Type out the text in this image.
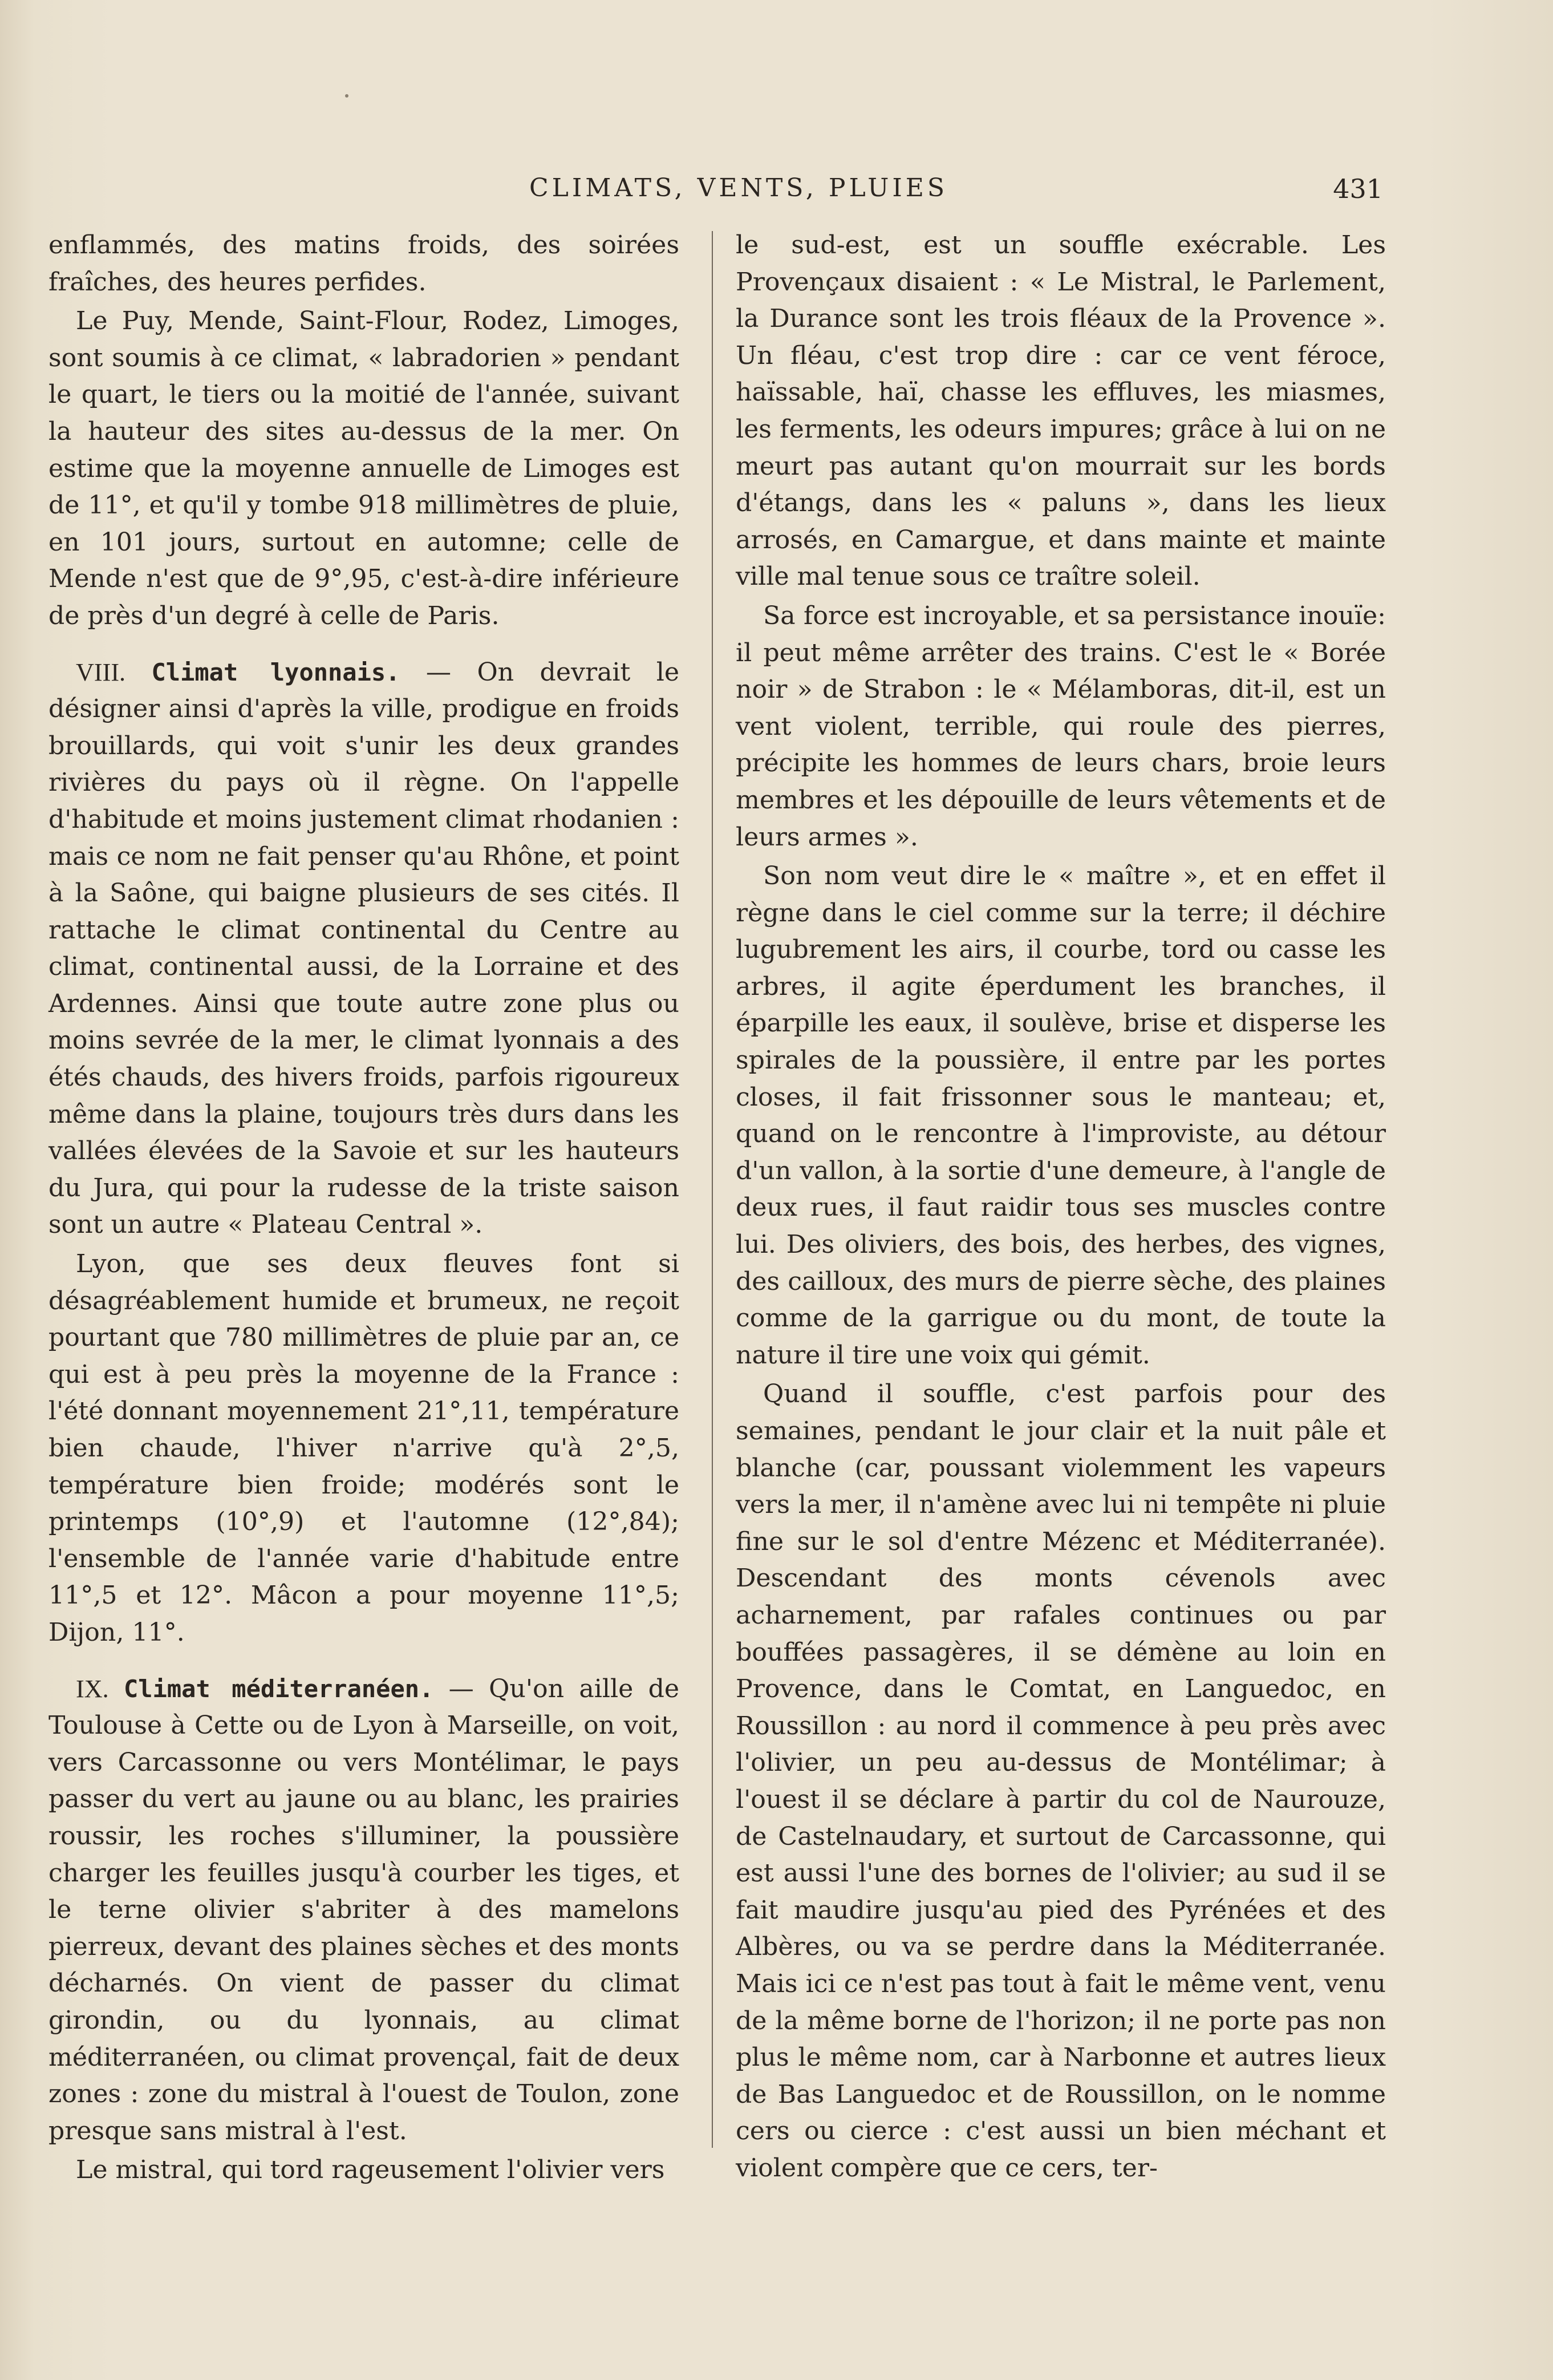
CLIMATS, VENTS, PLUIES	431

enflammés, des matins froids, des soirées fraîches, des heures perfides.

Le Puy, Mende, Saint-Flour, Rodez, Limoges, sont soumis à ce climat, « labradorien » pendant le quart, le tiers ou la moitié de l'année, suivant la hauteur des sites au-dessus de la mer. On estime que la moyenne annuelle de Limoges est de 11°, et qu'il y tombe 918 millimètres de pluie, en 101 jours, surtout en automne; celle de Mende n'est que de 9°,95, c'est-à-dire inférieure de près d'un degré à celle de Paris.

VIII. Climat lyonnais. — On devrait le désigner ainsi d'après la ville, prodigue en froids brouillards, qui voit s'unir les deux grandes rivières du pays où il règne. On l'appelle d'habitude et moins justement climat rhodanien : mais ce nom ne fait penser qu'au Rhône, et point à la Saône, qui baigne plusieurs de ses cités. Il rattache le climat continental du Centre au climat, continental aussi, de la Lorraine et des Ardennes. Ainsi que toute autre zone plus ou moins sevrée de la mer, le climat lyonnais a des étés chauds, des hivers froids, parfois rigoureux même dans la plaine, toujours très durs dans les vallées élevées de la Savoie et sur les hauteurs du Jura, qui pour la rudesse de la triste saison sont un autre « Plateau Central ».

Lyon, que ses deux fleuves font si désagréablement humide et brumeux, ne reçoit pourtant que 780 millimètres de pluie par an, ce qui est à peu près la moyenne de la France : l'été donnant moyennement 21°,11, température bien chaude, l'hiver n'arrive qu'à 2°,5, température bien froide; modérés sont le printemps (10°,9) et l'automne (12°,84); l'ensemble de l'année varie d'habitude entre 11°,5 et 12°. Mâcon a pour moyenne 11°,5; Dijon, 11°.

IX. Climat méditerranéen. — Qu'on aille de Toulouse à Cette ou de Lyon à Marseille, on voit, vers Carcassonne ou vers Montélimar, le pays passer du vert au jaune ou au blanc, les prairies roussir, les roches s'illuminer, la poussière charger les feuilles jusqu'à courber les tiges, et le terne olivier s'abriter à des mamelons pierreux, devant des plaines sèches et des monts décharnés. On vient de passer du climat girondin, ou du lyonnais, au climat méditerranéen, ou climat provençal, fait de deux zones : zone du mistral à l'ouest de Toulon, zone presque sans mistral à l'est.

Le mistral, qui tord rageusement l'olivier vers

le sud-est, est un souffle exécrable. Les Provençaux disaient : « Le Mistral, le Parlement, la Durance sont les trois fléaux de la Provence ». Un fléau, c'est trop dire : car ce vent féroce, haïssable, haï, chasse les effluves, les miasmes, les ferments, les odeurs impures; grâce à lui on ne meurt pas autant qu'on mourrait sur les bords d'étangs, dans les « paluns », dans les lieux arrosés, en Camargue, et dans mainte et mainte ville mal tenue sous ce traître soleil.

Sa force est incroyable, et sa persistance inouïe: il peut même arrêter des trains. C'est le « Borée noir » de Strabon : le « Mélamboras, dit-il, est un vent violent, terrible, qui roule des pierres, précipite les hommes de leurs chars, broie leurs membres et les dépouille de leurs vêtements et de leurs armes ».

Son nom veut dire le « maître », et en effet il règne dans le ciel comme sur la terre; il déchire lugubrement les airs, il courbe, tord ou casse les arbres, il agite éperdument les branches, il éparpille les eaux, il soulève, brise et disperse les spirales de la poussière, il entre par les portes closes, il fait frissonner sous le manteau; et, quand on le rencontre à l'improviste, au détour d'un vallon, à la sortie d'une demeure, à l'angle de deux rues, il faut raidir tous ses muscles contre lui. Des oliviers, des bois, des herbes, des vignes, des cailloux, des murs de pierre sèche, des plaines comme de la garrigue ou du mont, de toute la nature il tire une voix qui gémit.

Quand il souffle, c'est parfois pour des semaines, pendant le jour clair et la nuit pâle et blanche (car, poussant violemment les vapeurs vers la mer, il n'amène avec lui ni tempête ni pluie fine sur le sol d'entre Mézenc et Méditerranée). Descendant des monts cévenols avec acharnement, par rafales continues ou par bouffées passagères, il se démène au loin en Provence, dans le Comtat, en Languedoc, en Roussillon : au nord il commence à peu près avec l'olivier, un peu au-dessus de Montélimar; à l'ouest il se déclare à partir du col de Naurouze, de Castelnaudary, et surtout de Carcassonne, qui est aussi l'une des bornes de l'olivier; au sud il se fait maudire jusqu'au pied des Pyrénées et des Albères, ou va se perdre dans la Méditerranée. Mais ici ce n'est pas tout à fait le même vent, venu de la même borne de l'horizon; il ne porte pas non plus le même nom, car à Narbonne et autres lieux de Bas Languedoc et de Roussillon, on le nomme cers ou cierce : c'est aussi un bien méchant et violent compère que ce cers, ter-
